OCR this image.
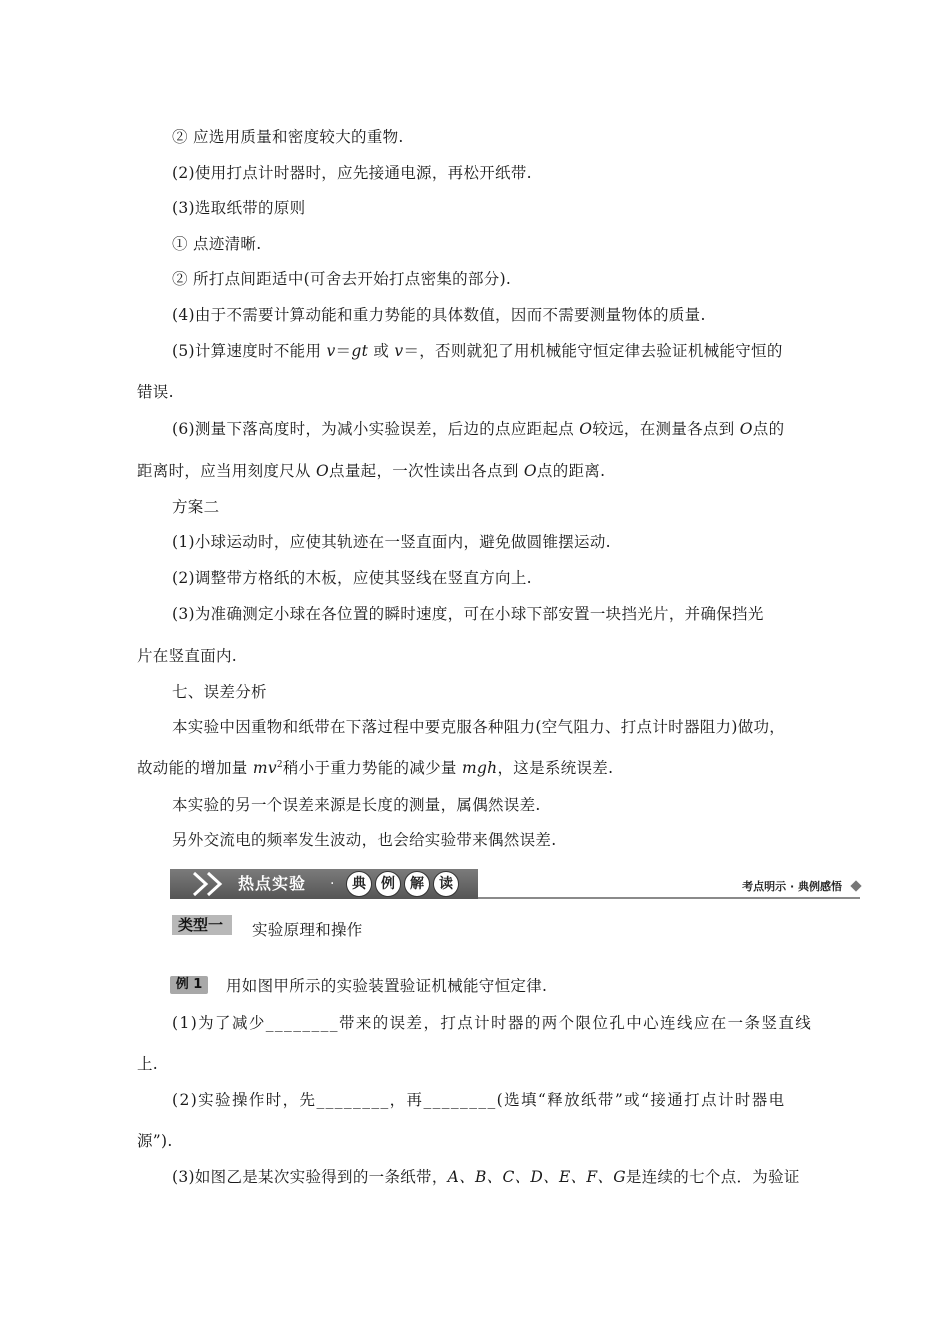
② 应选用质量和密度较大的重物.
(2)使用打点计时器时，应先接通电源，再松开纸带.
(3)选取纸带的原则
① 点迹清晰.
② 所打点间距适中(可舍去开始打点密集的部分).
(4)由于不需要计算动能和重力势能的具体数值，因而不需要测量物体的质量.
(5)计算速度时不能用 v＝gt 或 v＝，否则就犯了用机械能守恒定律去验证机械能守恒的
错误.
(6)测量下落高度时，为减小实验误差，后边的点应距起点 O较远，在测量各点到 O点的
距离时，应当用刻度尺从 O点量起，一次性读出各点到 O点的距离.
方案二
(1)小球运动时，应使其轨迹在一竖直面内，避免做圆锥摆运动.
(2)调整带方格纸的木板，应使其竖线在竖直方向上.
(3)为准确测定小球在各位置的瞬时速度，可在小球下部安置一块挡光片，并确保挡光
片在竖直面内.
七、误差分析
本实验中因重物和纸带在下落过程中要克服各种阻力(空气阻力、打点计时器阻力)做功，
故动能的增加量 $mv^2$稍小于重力势能的减少量 mgh，这是系统误差.
本实验的另一个误差来源是长度的测量，属偶然误差.
另外交流电的频率发生波动，也会给实验带来偶然误差.
热点实验 ·	典	例	解	读	考点明示 · 典例感悟
类型一	实验原理和操作
例 1	用如图甲所示的实验装置验证机械能守恒定律.
(1)为了减少________带来的误差，打点计时器的两个限位孔中心连线应在一条竖直线
上.
(2)实验操作时，先________，再________(选填“释放纸带”或“接通打点计时器电
源”).
(3)如图乙是某次实验得到的一条纸带，A、B、C、D、E、F、G是连续的七个点．为验证
